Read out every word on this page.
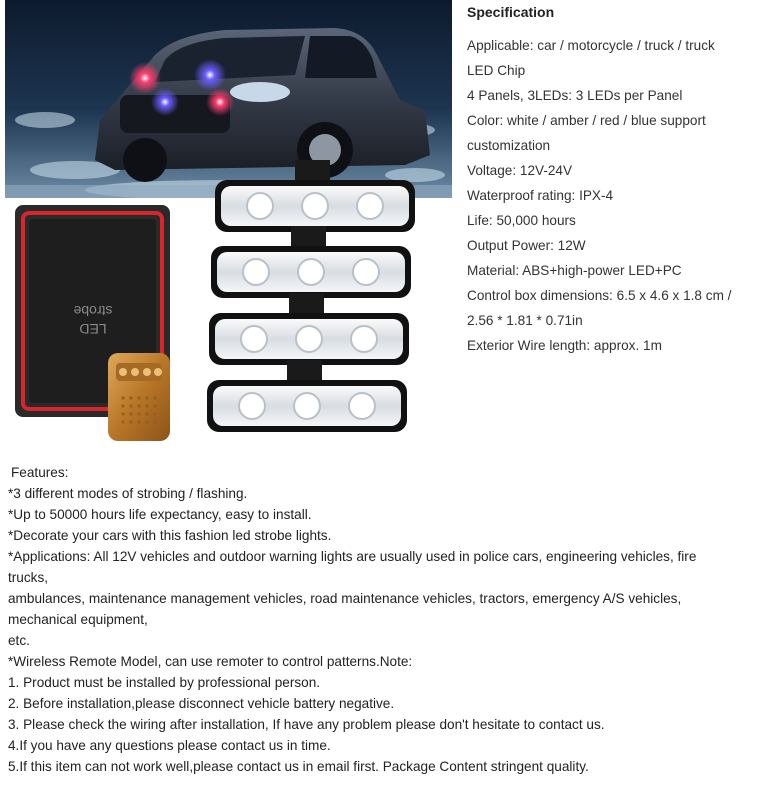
LED
strobe
Specification
Applicable: car / motorcycle / truck / truck
LED Chip
4 Panels, 3LEDs: 3 LEDs per Panel
Color: white / amber / red / blue support
customization
Voltage: 12V-24V
Waterproof rating: IPX-4
Life: 50,000 hours
Output Power: 12W
Material: ABS+high-power LED+PC
Control box dimensions: 6.5 x 4.6 x 1.8 cm /
2.56 * 1.81 * 0.71in
Exterior Wire length: approx. 1m
Features:
*3 different modes of strobing / flashing.
*Up to 50000 hours life expectancy, easy to install.
*Decorate your cars with this fashion led strobe lights.
*Applications: All 12V vehicles and outdoor warning lights are usually used in police cars, engineering vehicles, fire
trucks,
ambulances, maintenance management vehicles, road maintenance vehicles, tractors, emergency A/S vehicles,
mechanical equipment,
etc.
*Wireless Remote Model, can use remoter to control patterns.Note:
1. Product must be installed by professional person.
2. Before installation,please disconnect vehicle battery negative.
3. Please check the wiring after installation, If have any problem please don't hesitate to contact us.
4.If you have any questions please contact us in time.
5.If this item can not work well,please contact us in email first. Package Content stringent quality.
